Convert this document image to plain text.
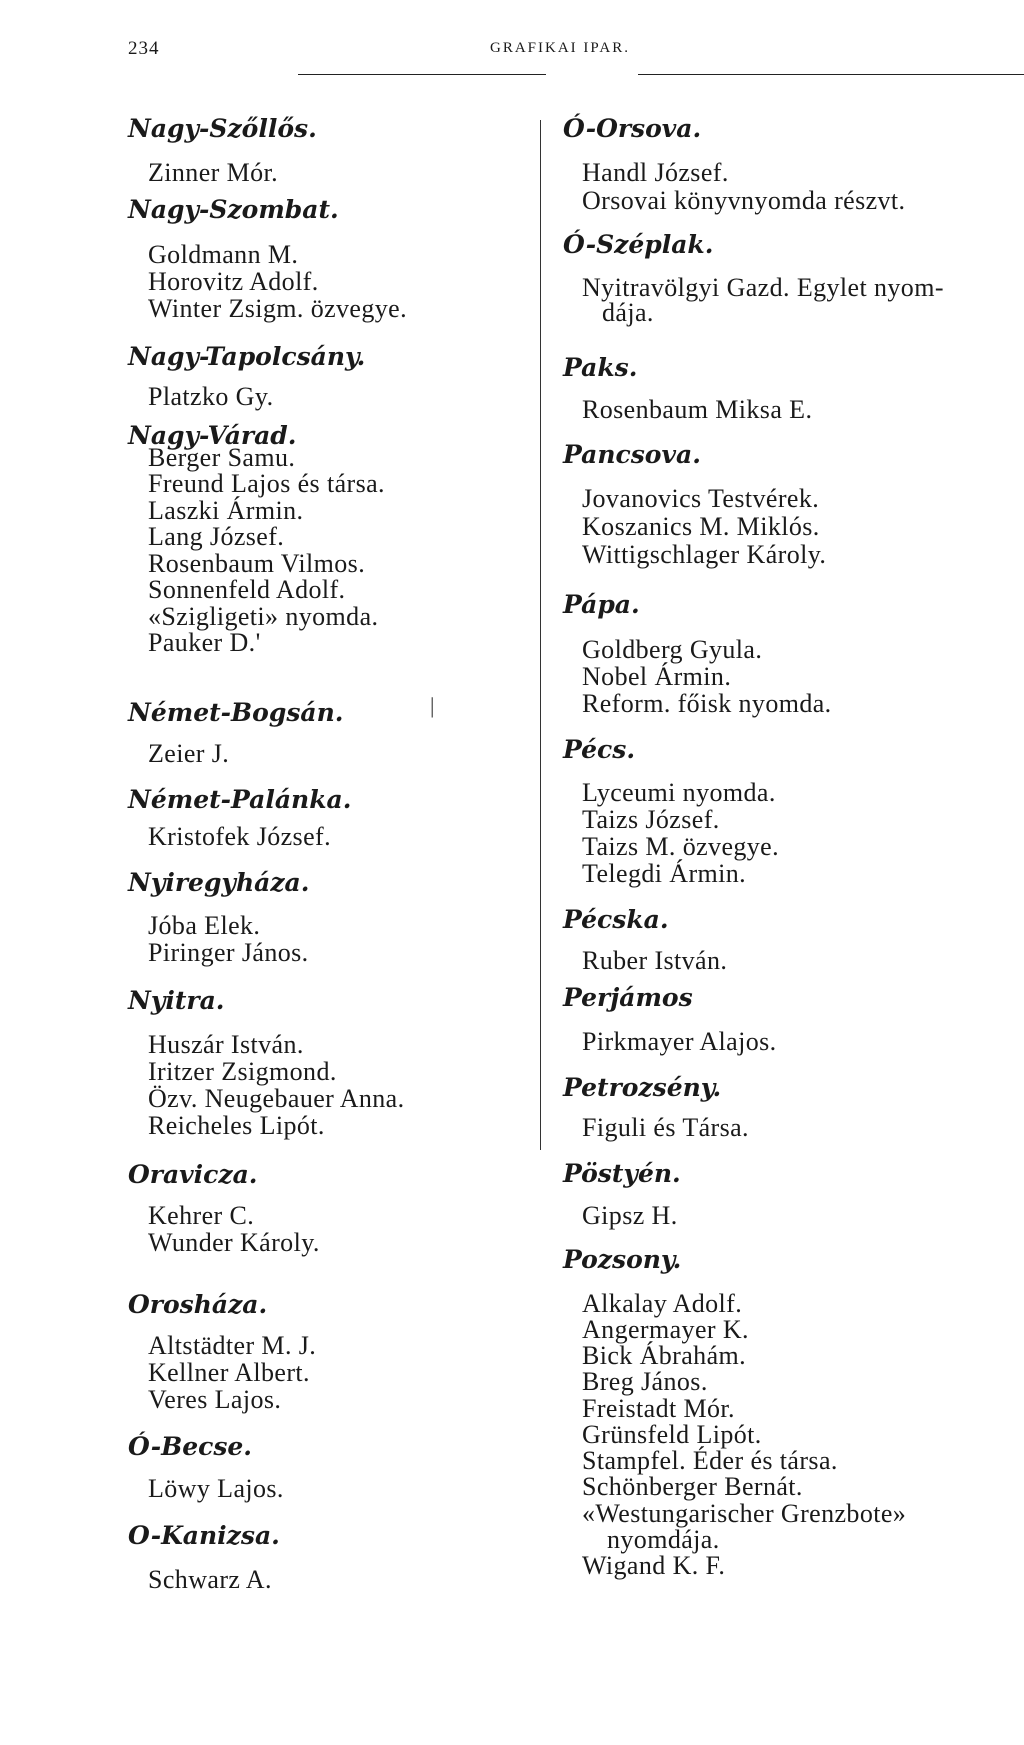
234	GRAFIKAI IPAR.
|
Nagy-Szőllős.
Zinner Mór.
Nagy-Szombat.
Goldmann M.
Horovitz Adolf.
Winter Zsigm. özvegye.
Nagy-Tapolcsány.
Platzko Gy.
Nagy-Várad.
Berger Samu.
Freund Lajos és társa.
Laszki Ármin.
Lang József.
Rosenbaum Vilmos.
Sonnenfeld Adolf.
«Szigligeti» nyomda.
Pauker D.'
Német-Bogsán.
Zeier J.
Német-Palánka.
Kristofek József.
Nyiregyháza.
Jóba Elek.
Piringer János.
Nyitra.
Huszár István.
Iritzer Zsigmond.
Özv. Neugebauer Anna.
Reicheles Lipót.
Oravicza.
Kehrer C.
Wunder Károly.
Orosháza.
Altstädter M. J.
Kellner Albert.
Veres Lajos.
Ó-Becse.
Löwy Lajos.
O-Kanizsa.
Schwarz A.
Ó-Orsova.
Handl József.
Orsovai könyvnyomda részvt.
Ó-Széplak.
Nyitravölgyi Gazd. Egylet nyom-
dája.
Paks.
Rosenbaum Miksa E.
Pancsova.
Jovanovics Testvérek.
Koszanics M. Miklós.
Wittigschlager Károly.
Pápa.
Goldberg Gyula.
Nobel Ármin.
Reform. főisk nyomda.
Pécs.
Lyceumi nyomda.
Taizs József.
Taizs M. özvegye.
Telegdi Ármin.
Pécska.
Ruber István.
Perjámos
Pirkmayer Alajos.
Petrozsény.
Figuli és Társa.
Pöstyén.
Gipsz H.
Pozsony.
Alkalay Adolf.
Angermayer K.
Bick Ábrahám.
Breg János.
Freistadt Mór.
Grünsfeld Lipót.
Stampfel. Éder és társa.
Schönberger Bernát.
«Westungarischer Grenzbote»
nyomdája.
Wigand K. F.
